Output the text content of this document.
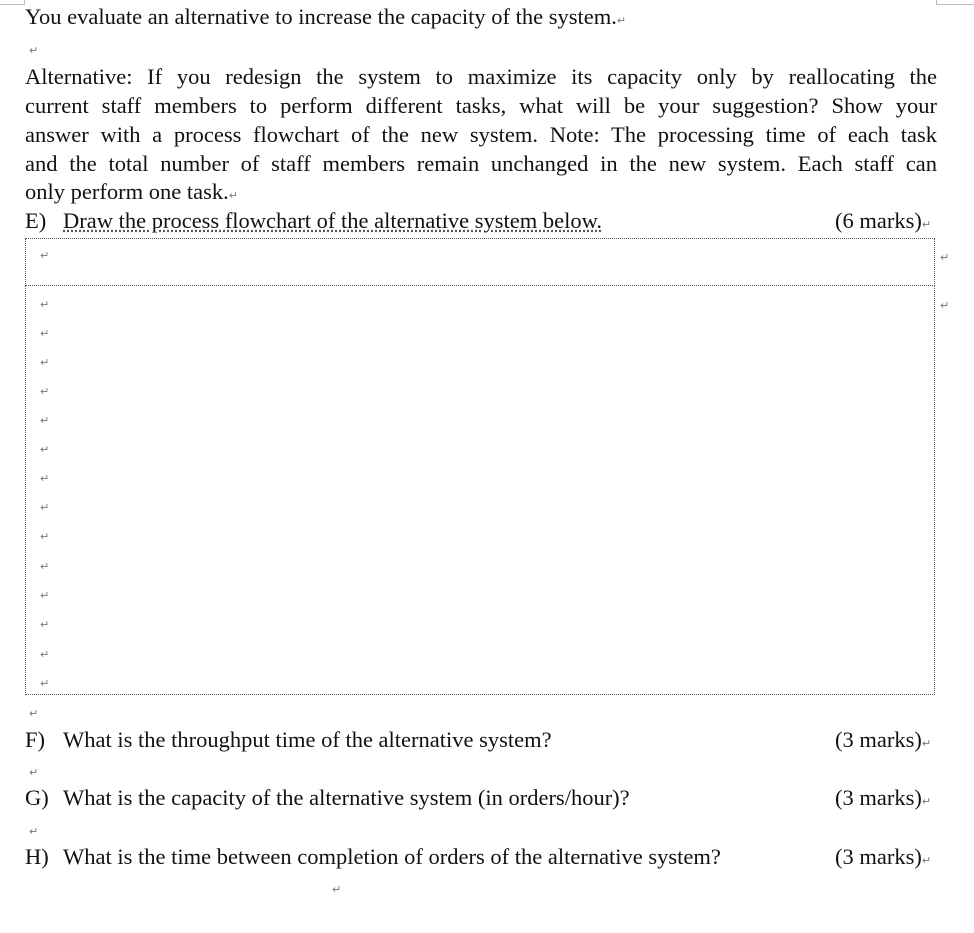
You evaluate an alternative to increase the capacity of the system.↵
↵
Alternative: If you redesign the system to maximize its capacity only by reallocating the
current staff members to perform different tasks, what will be your suggestion? Show your
answer with a process flowchart of the new system. Note: The processing time of each task
and the total number of staff members remain unchanged in the new system. Each staff can
only perform one task.↵
E) Draw the process flowchart of the alternative system below.	(6 marks)↵
↵	↵
↵
↵
↵
↵
↵
↵
↵
↵
↵
↵
↵
↵
↵
↵
↵
↵
F) What is the throughput time of the alternative system?	(3 marks)↵
↵
G) What is the capacity of the alternative system (in orders/hour)?	(3 marks)↵
↵
H) What is the time between completion of orders of the alternative system?	(3 marks)↵
↵
